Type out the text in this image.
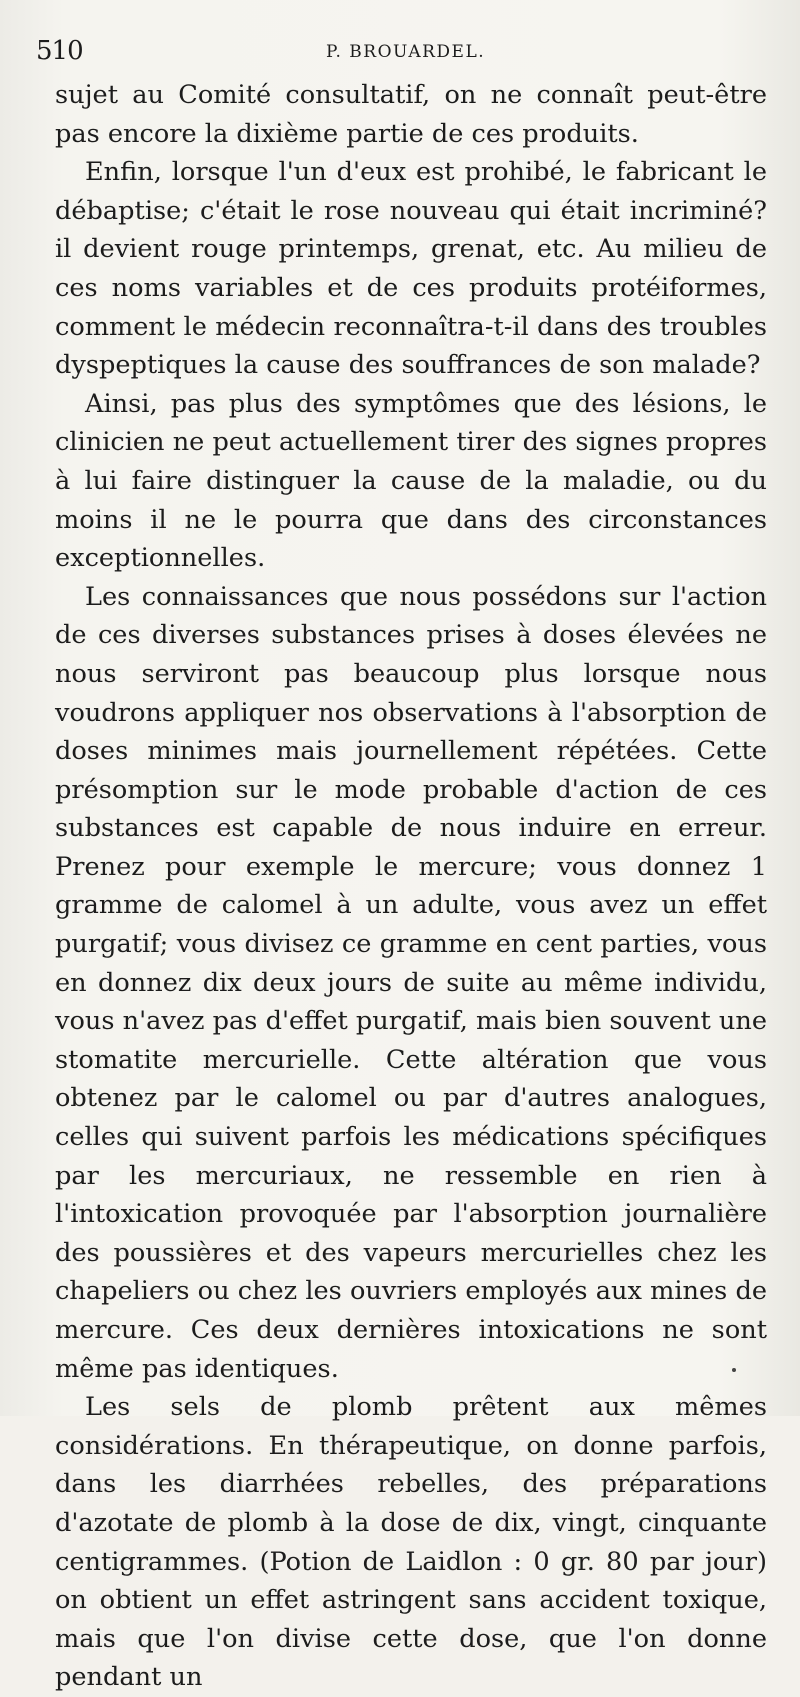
510	P. BROUARDEL.

sujet au Comité consultatif, on ne connaît peut-être pas encore la dixième partie de ces produits.

Enfin, lorsque l'un d'eux est prohibé, le fabricant le débaptise; c'était le rose nouveau qui était incriminé? il devient rouge printemps, grenat, etc. Au milieu de ces noms variables et de ces produits protéiformes, comment le médecin reconnaîtra-t-il dans des troubles dyspeptiques la cause des souffrances de son malade?

Ainsi, pas plus des symptômes que des lésions, le clinicien ne peut actuellement tirer des signes propres à lui faire distinguer la cause de la maladie, ou du moins il ne le pourra que dans des circonstances exceptionnelles.

Les connaissances que nous possédons sur l'action de ces diverses substances prises à doses élevées ne nous serviront pas beaucoup plus lorsque nous voudrons appliquer nos observations à l'absorption de doses minimes mais journellement répétées. Cette présomption sur le mode probable d'action de ces substances est capable de nous induire en erreur. Prenez pour exemple le mercure; vous donnez 1 gramme de calomel à un adulte, vous avez un effet purgatif; vous divisez ce gramme en cent parties, vous en donnez dix deux jours de suite au même individu, vous n'avez pas d'effet purgatif, mais bien souvent une stomatite mercurielle. Cette altération que vous obtenez par le calomel ou par d'autres analogues, celles qui suivent parfois les médications spécifiques par les mercuriaux, ne ressemble en rien à l'intoxication provoquée par l'absorption journalière des poussières et des vapeurs mercurielles chez les chapeliers ou chez les ouvriers employés aux mines de mercure. Ces deux dernières intoxications ne sont même pas identiques.

Les sels de plomb prêtent aux mêmes considérations. En thérapeutique, on donne parfois, dans les diarrhées rebelles, des préparations d'azotate de plomb à la dose de dix, vingt, cinquante centigrammes. (Potion de Laidlon : 0 gr. 80 par jour) on obtient un effet astringent sans accident toxique, mais que l'on divise cette dose, que l'on donne pendant un
